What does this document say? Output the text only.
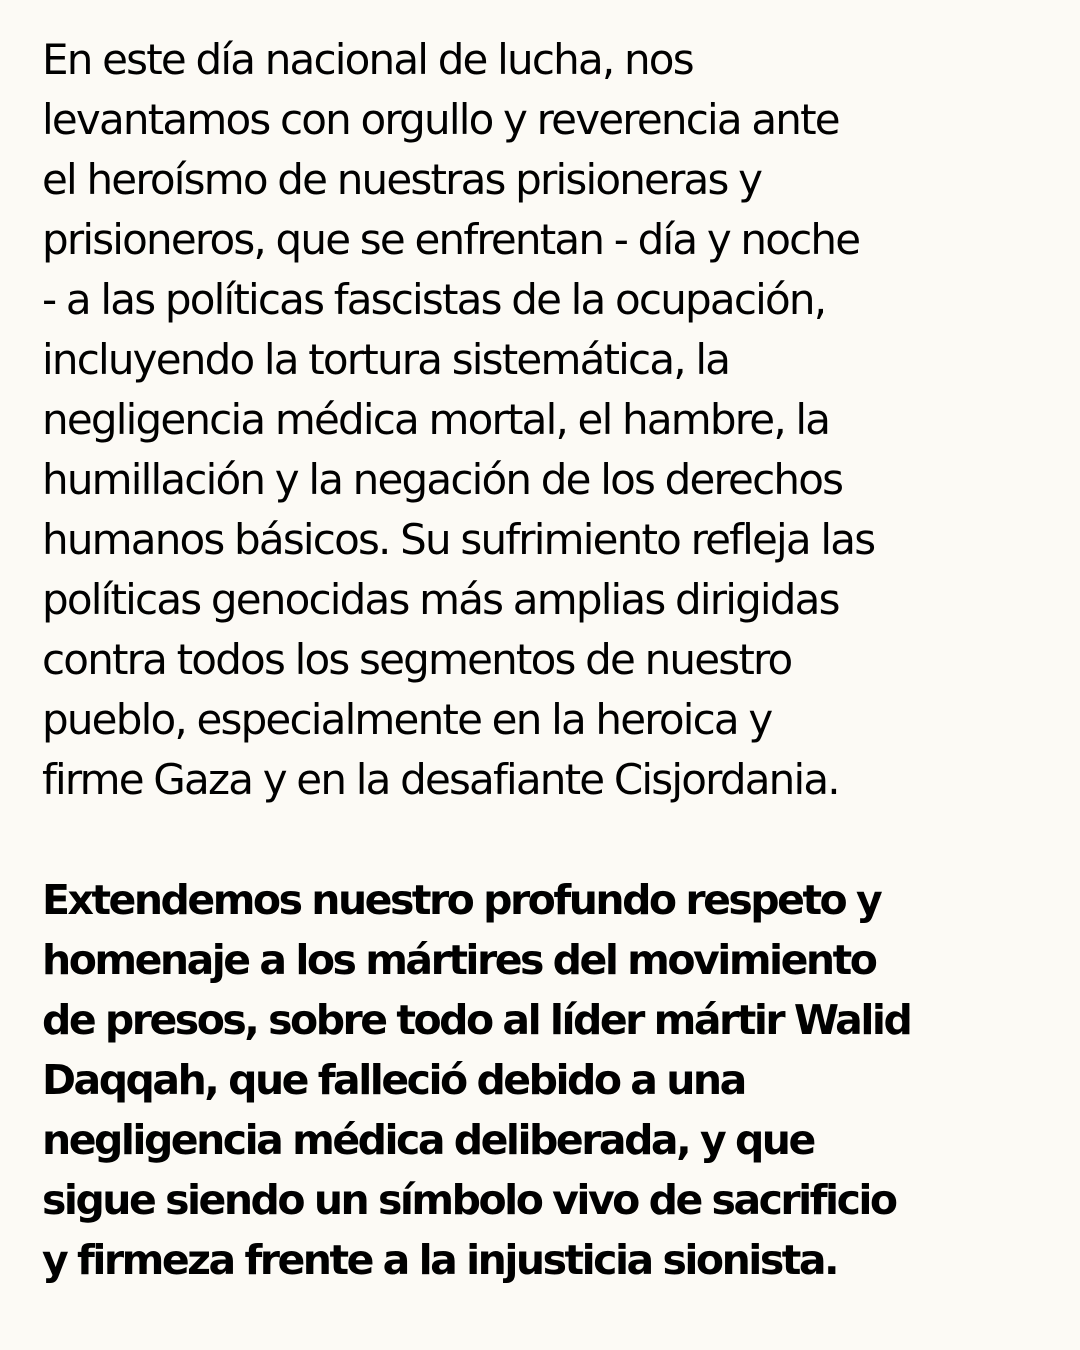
En este día nacional de lucha, nos
levantamos con orgullo y reverencia ante
el heroísmo de nuestras prisioneras y
prisioneros, que se enfrentan - día y noche
- a las políticas fascistas de la ocupación,
incluyendo la tortura sistemática, la
negligencia médica mortal, el hambre, la
humillación y la negación de los derechos
humanos básicos. Su sufrimiento refleja las
políticas genocidas más amplias dirigidas
contra todos los segmentos de nuestro
pueblo, especialmente en la heroica y
firme Gaza y en la desafiante Cisjordania.
Extendemos nuestro profundo respeto y
homenaje a los mártires del movimiento
de presos, sobre todo al líder mártir Walid
Daqqah, que falleció debido a una
negligencia médica deliberada, y que
sigue siendo un símbolo vivo de sacrificio
y firmeza frente a la injusticia sionista.
